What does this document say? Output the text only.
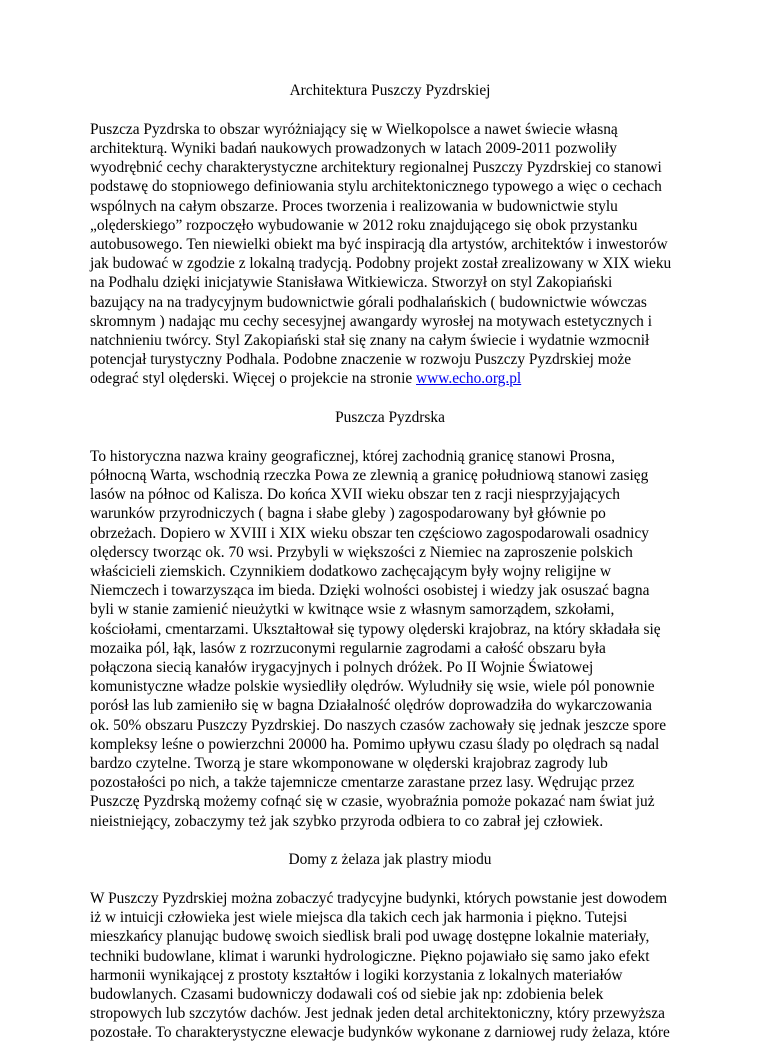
Architektura Puszczy Pyzdrskiej
Puszcza Pyzdrska to obszar wyróżniający się w Wielkopolsce a nawet świecie własną
architekturą. Wyniki badań naukowych prowadzonych w latach 2009-2011 pozwoliły
wyodrębnić cechy charakterystyczne architektury regionalnej Puszczy Pyzdrskiej co stanowi
podstawę do stopniowego definiowania stylu architektonicznego typowego a więc o cechach
wspólnych na całym obszarze. Proces tworzenia i realizowania w budownictwie stylu
„olęderskiego” rozpoczęło wybudowanie w 2012 roku znajdującego się obok przystanku
autobusowego. Ten niewielki obiekt ma być inspiracją dla artystów, architektów i inwestorów
jak budować w zgodzie z lokalną tradycją. Podobny projekt został zrealizowany w XIX wieku
na Podhalu dzięki inicjatywie Stanisława Witkiewicza. Stworzył on styl Zakopiański
bazujący na na tradycyjnym budownictwie górali podhalańskich ( budownictwie wówczas
skromnym ) nadając mu cechy secesyjnej awangardy wyrosłej na motywach estetycznych i
natchnieniu twórcy. Styl Zakopiański stał się znany na całym świecie i wydatnie wzmocnił
potencjał turystyczny Podhala. Podobne znaczenie w rozwoju Puszczy Pyzdrskiej może
odegrać styl olęderski. Więcej o projekcie na stronie www.echo.org.pl
Puszcza Pyzdrska
To historyczna nazwa krainy geograficznej, której zachodnią granicę stanowi Prosna,
północną Warta, wschodnią rzeczka Powa ze zlewnią a granicę południową stanowi zasięg
lasów na północ od Kalisza. Do końca XVII wieku obszar ten z racji niesprzyjających
warunków przyrodniczych ( bagna i słabe gleby ) zagospodarowany był głównie po
obrzeżach. Dopiero w XVIII i XIX wieku obszar ten częściowo zagospodarowali osadnicy
olęderscy tworząc ok. 70 wsi. Przybyli w większości z Niemiec na zaproszenie polskich
właścicieli ziemskich. Czynnikiem dodatkowo zachęcającym były wojny religijne w
Niemczech i towarzysząca im bieda. Dzięki wolności osobistej i wiedzy jak osuszać bagna
byli w stanie zamienić nieużytki w kwitnące wsie z własnym samorządem, szkołami,
kościołami, cmentarzami. Ukształtował się typowy olęderski krajobraz, na który składała się
mozaika pól, łąk, lasów z rozrzuconymi regularnie zagrodami a całość obszaru była
połączona siecią kanałów irygacyjnych i polnych dróżek. Po II Wojnie Światowej
komunistyczne władze polskie wysiedliły olędrów. Wyludniły się wsie, wiele pól ponownie
porósł las lub zamieniło się w bagna Działalność olędrów doprowadziła do wykarczowania
ok. 50% obszaru Puszczy Pyzdrskiej. Do naszych czasów zachowały się jednak jeszcze spore
kompleksy leśne o powierzchni 20000 ha. Pomimo upływu czasu ślady po olędrach są nadal
bardzo czytelne. Tworzą je stare wkomponowane w olęderski krajobraz zagrody lub
pozostałości po nich, a także tajemnicze cmentarze zarastane przez lasy. Wędrując przez
Puszczę Pyzdrską możemy cofnąć się w czasie, wyobraźnia pomoże pokazać nam świat już
nieistniejący, zobaczymy też jak szybko przyroda odbiera to co zabrał jej człowiek.
Domy z żelaza jak plastry miodu
W Puszczy Pyzdrskiej można zobaczyć tradycyjne budynki, których powstanie jest dowodem
iż w intuicji człowieka jest wiele miejsca dla takich cech jak harmonia i piękno. Tutejsi
mieszkańcy planując budowę swoich siedlisk brali pod uwagę dostępne lokalnie materiały,
techniki budowlane, klimat i warunki hydrologiczne. Piękno pojawiało się samo jako efekt
harmonii wynikającej z prostoty kształtów i logiki korzystania z lokalnych materiałów
budowlanych. Czasami budowniczy dodawali coś od siebie jak np: zdobienia belek
stropowych lub szczytów dachów. Jest jednak jeden detal architektoniczny, który przewyższa
pozostałe. To charakterystyczne elewacje budynków wykonane z darniowej rudy żelaza, które
